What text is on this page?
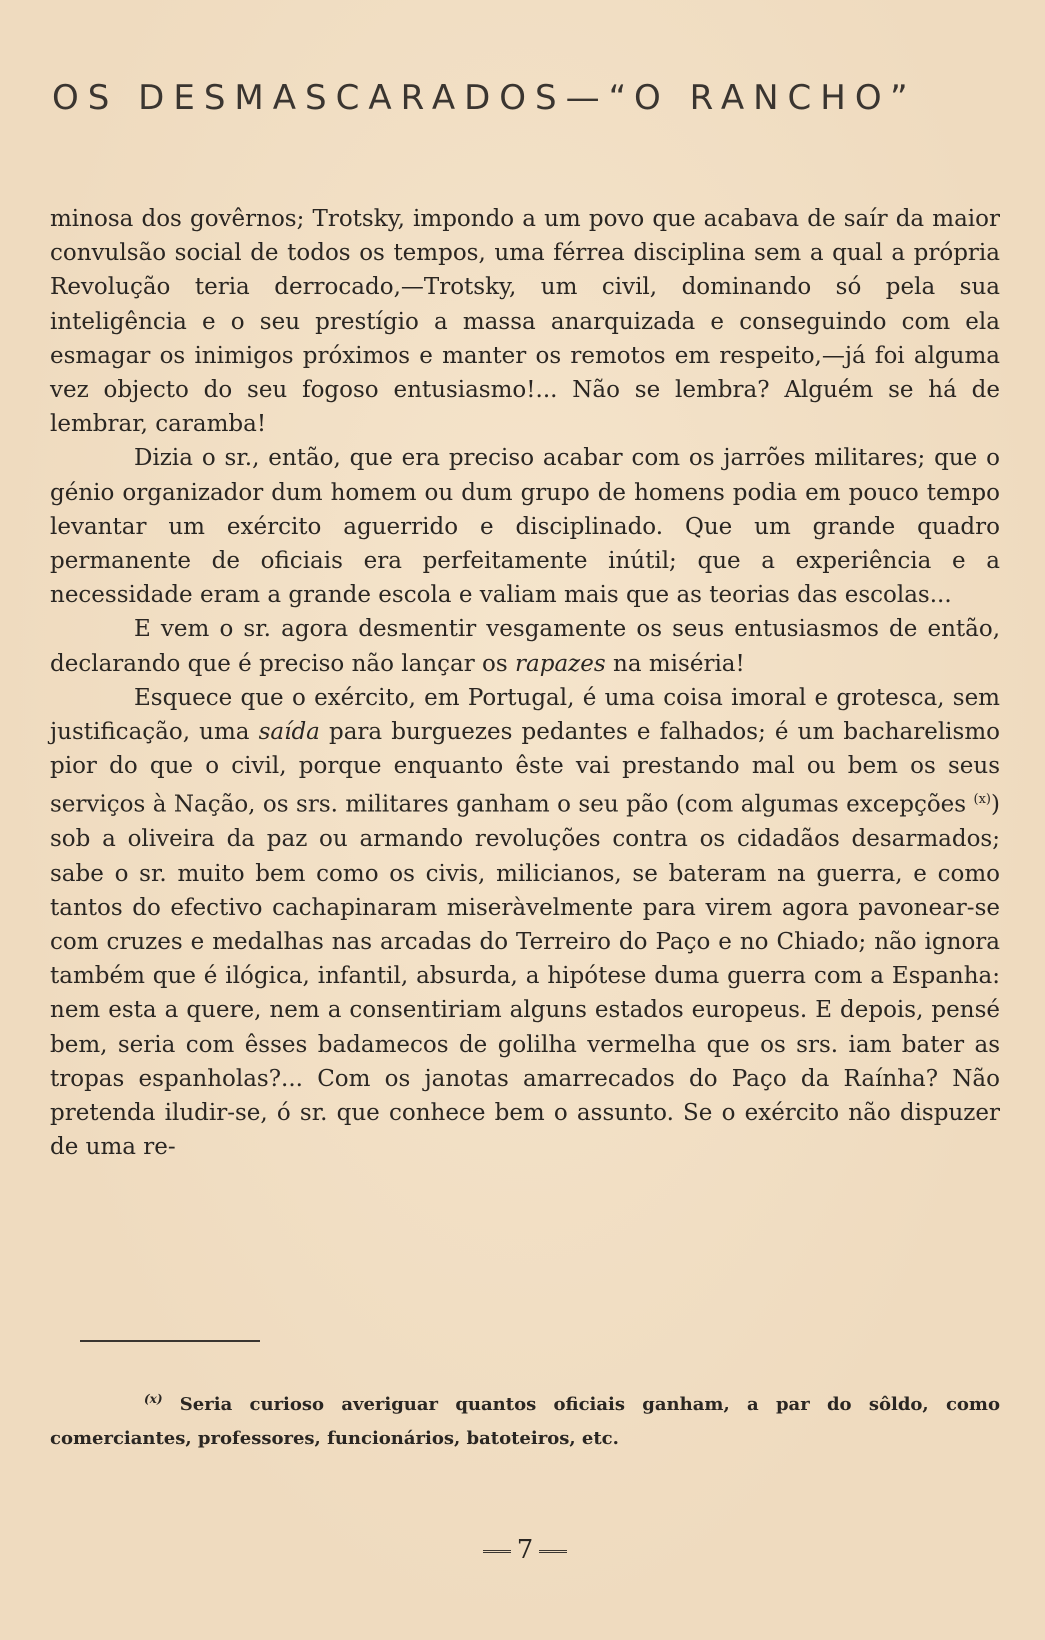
OS DESMASCARADOS—“O RANCHO”

minosa dos govêrnos; Trotsky, impondo a um povo que acabava de saír da maior convulsão social de todos os tempos, uma férrea disciplina sem a qual a própria Revolução teria derrocado,—Trotsky, um civil, dominando só pela sua inteligência e o seu prestígio a massa anarquizada e conseguindo com ela esmagar os inimigos próximos e manter os remotos em respeito,—já foi alguma vez objecto do seu fogoso entusiasmo!... Não se lembra? Alguém se há de lembrar, caramba!

Dizia o sr., então, que era preciso acabar com os jarrões militares; que o génio organizador dum homem ou dum grupo de homens podia em pouco tempo levantar um exército aguerrido e disciplinado. Que um grande quadro permanente de oficiais era perfeitamente inútil; que a experiência e a necessidade eram a grande escola e valiam mais que as teorias das escolas...

E vem o sr. agora desmentir vesgamente os seus entusiasmos de então, declarando que é preciso não lançar os rapazes na miséria!

Esquece que o exército, em Portugal, é uma coisa imoral e grotesca, sem justificação, uma saída para burguezes pedantes e falhados; é um bacharelismo pior do que o civil, porque enquanto êste vai prestando mal ou bem os seus serviços à Nação, os srs. militares ganham o seu pão (com algumas excepções $^{(x)}$) sob a oliveira da paz ou armando revoluções contra os cidadãos desarmados; sabe o sr. muito bem como os civis, milicianos, se bateram na guerra, e como tantos do efectivo cachapinaram miseràvelmente para virem agora pavonear-se com cruzes e medalhas nas arcadas do Terreiro do Paço e no Chiado; não ignora também que é ilógica, infantil, absurda, a hipótese duma guerra com a Espanha: nem esta a quere, nem a consentiriam alguns estados europeus. E depois, pensé bem, seria com êsses badamecos de golilha vermelha que os srs. iam bater as tropas espanholas?... Com os janotas amarrecados do Paço da Raínha? Não pretenda iludir-se, ó sr. que conhece bem o assunto. Se o exército não dispuzer de uma re-

$^{(x)}$ Seria curioso averiguar quantos oficiais ganham, a par do sôldo, como comerciantes, professores, funcionários, batoteiros, etc.
7
